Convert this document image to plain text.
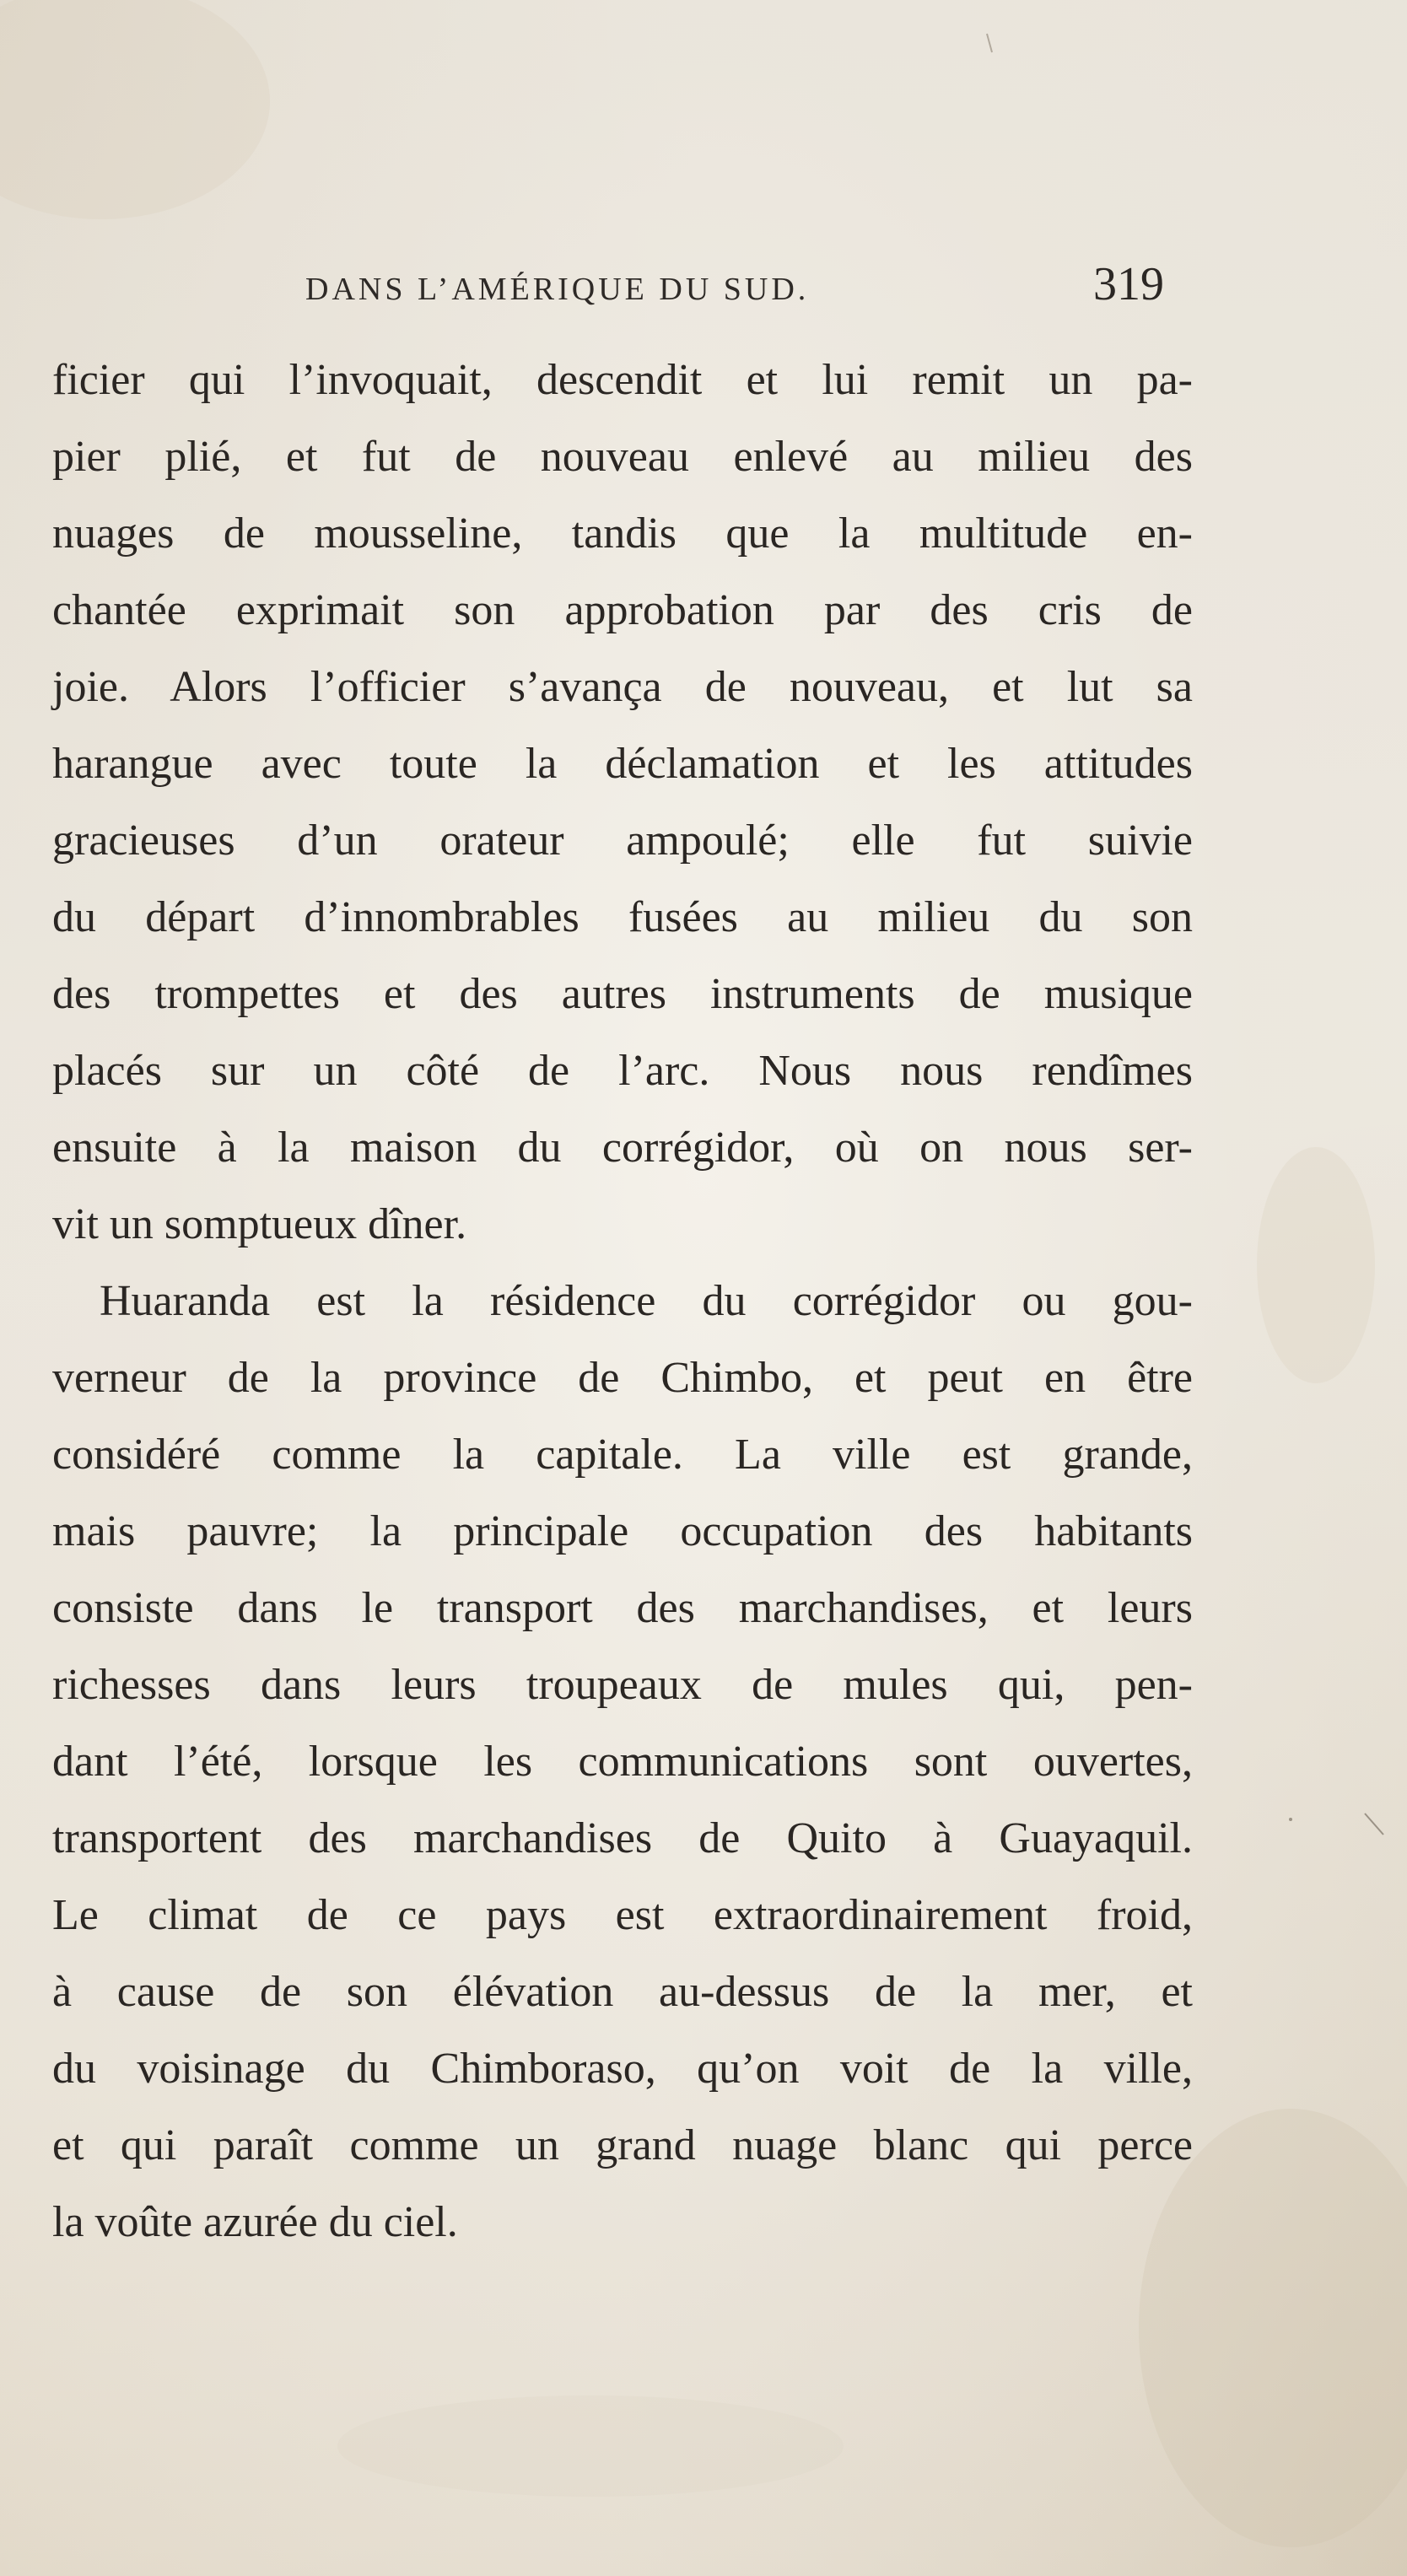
DANS L’AMÉRIQUE DU SUD.	319
ficier qui l’invoquait, descendit et lui remit un pa-
pier plié, et fut de nouveau enlevé au milieu des
nuages de mousseline, tandis que la multitude en-
chantée exprimait son approbation par des cris de
joie. Alors l’officier s’avança de nouveau, et lut sa
harangue avec toute la déclamation et les attitudes
gracieuses d’un orateur ampoulé; elle fut suivie
du départ d’innombrables fusées au milieu du son
des trompettes et des autres instruments de musique
placés sur un côté de l’arc. Nous nous rendîmes
ensuite à la maison du corrégidor, où on nous ser-
vit un somptueux dîner.
Huaranda est la résidence du corrégidor ou gou-
verneur de la province de Chimbo, et peut en être
considéré comme la capitale. La ville est grande,
mais pauvre; la principale occupation des habitants
consiste dans le transport des marchandises, et leurs
richesses dans leurs troupeaux de mules qui, pen-
dant l’été, lorsque les communications sont ouvertes,
transportent des marchandises de Quito à Guayaquil.
Le climat de ce pays est extraordinairement froid,
à cause de son élévation au-dessus de la mer, et
du voisinage du Chimboraso, qu’on voit de la ville,
et qui paraît comme un grand nuage blanc qui perce
la voûte azurée du ciel.
